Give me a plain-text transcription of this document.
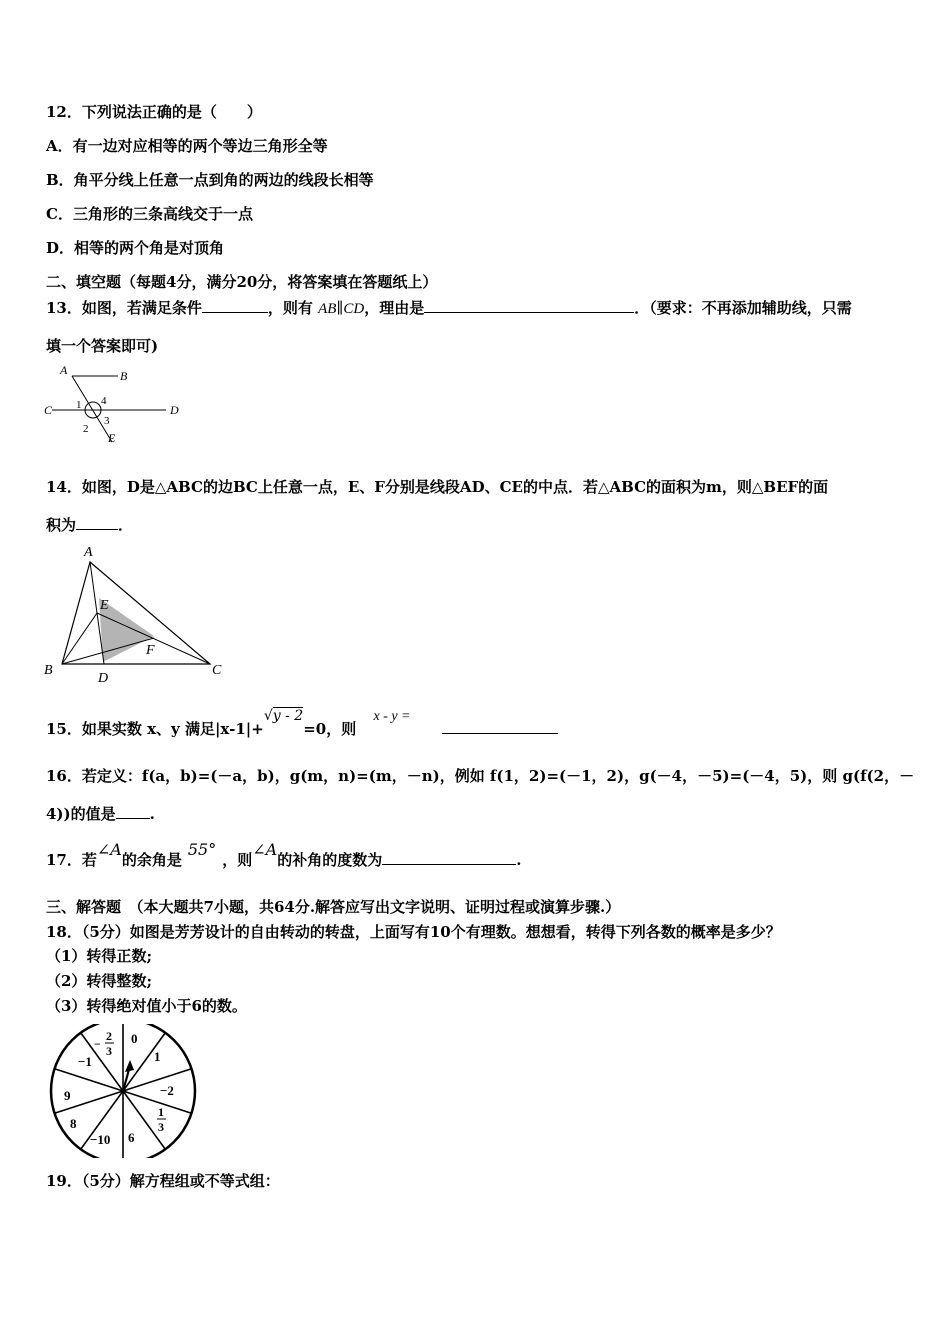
12．下列说法正确的是（　　）
A．有一边对应相等的两个等边三角形全等
B．角平分线上任意一点到角的两边的线段长相等
C．三角形的三条高线交于一点
D．相等的两个角是对顶角
二、填空题（每题4分，满分20分，将答案填在答题纸上）
13．如图，若满足条件	，则有 AB∥CD，理由是	．（要求：不再添加辅助线，只需
填一个答案即可)
A	B
C	D
E
1
2
3
4
14．如图，D是△ABC的边BC上任意一点，E、F分别是线段AD、CE的中点．若△ABC的面积为m，则△BEF的面
积为	．
A
B	C
D
E
F
15．如果实数 x、y 满足|x-1|+√y - 2=0，则 x - y =
16．若定义：f(a，b)=(－a，b)，g(m，n)=(m，－n)，例如 f(1，2)=(－1，2)，g(－4，－5)=(－4，5)，则 g(f(2，－
4))的值是 .
17．若∠A的余角是55°，则∠A的补角的度数为	.
三、解答题　（本大题共7小题，共64分.解答应写出文字说明、证明过程或演算步骤.）
18．（5分）如图是芳芳设计的自由转动的转盘，上面写有10个有理数。想想看，转得下列各数的概率是多少？
（1）转得正数;
（2）转得整数;
（3）转得绝对值小于6的数。
0
1
−2
1
3
6
−10
8
9
−1
−
2
3
19．（5分）解方程组或不等式组：
